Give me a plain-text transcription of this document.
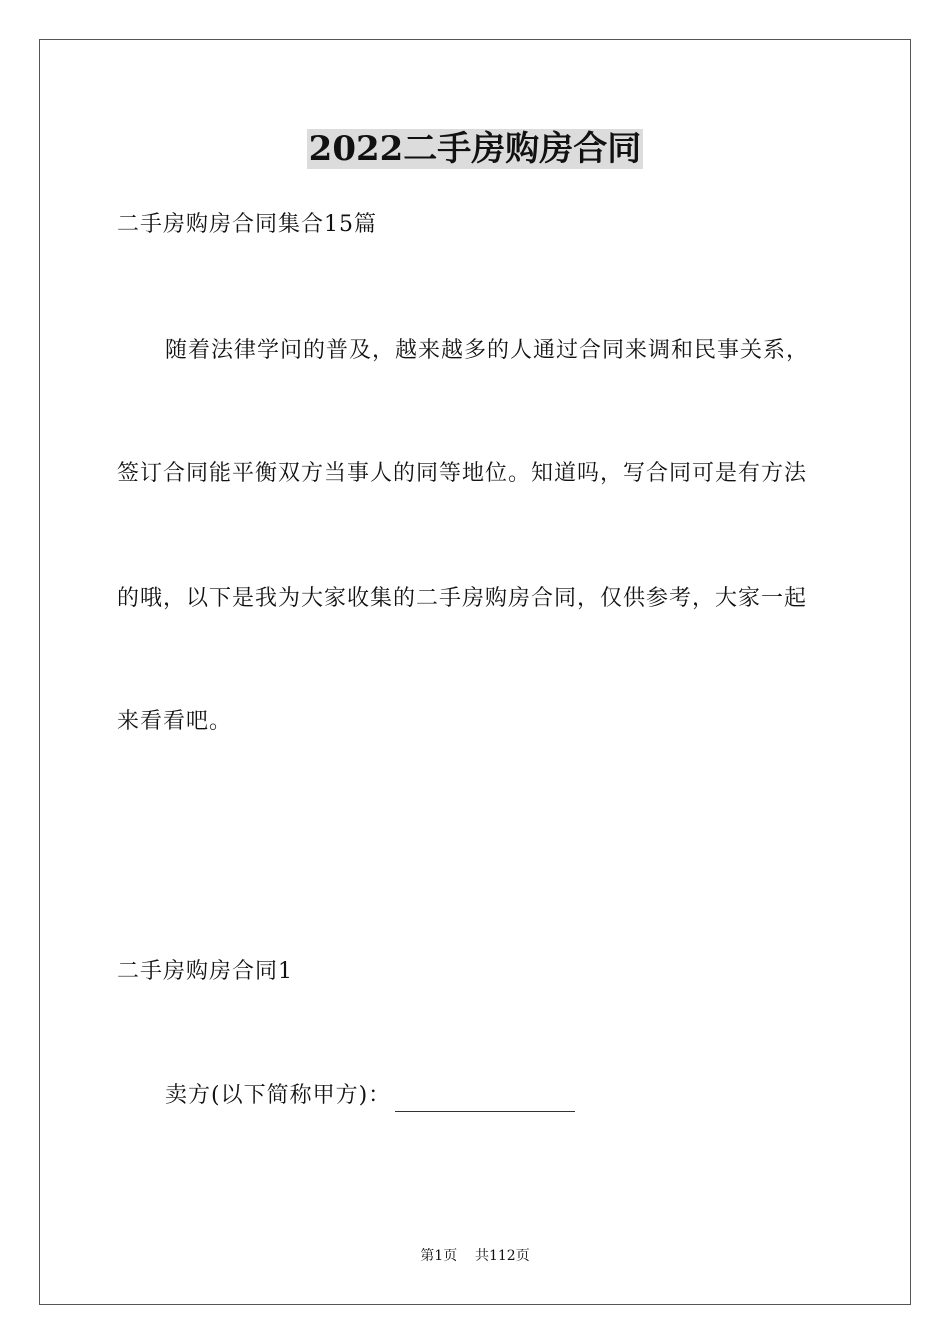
2022二手房购房合同

二手房购房合同集合15篇

随着法律学问的普及，越来越多的人通过合同来调和民事关系，

签订合同能平衡双方当事人的同等地位。知道吗，写合同可是有方法

的哦，以下是我为大家收集的二手房购房合同，仅供参考，大家一起

来看看吧。

二手房购房合同1

卖方(以下简称甲方)：

第1页    共112页
